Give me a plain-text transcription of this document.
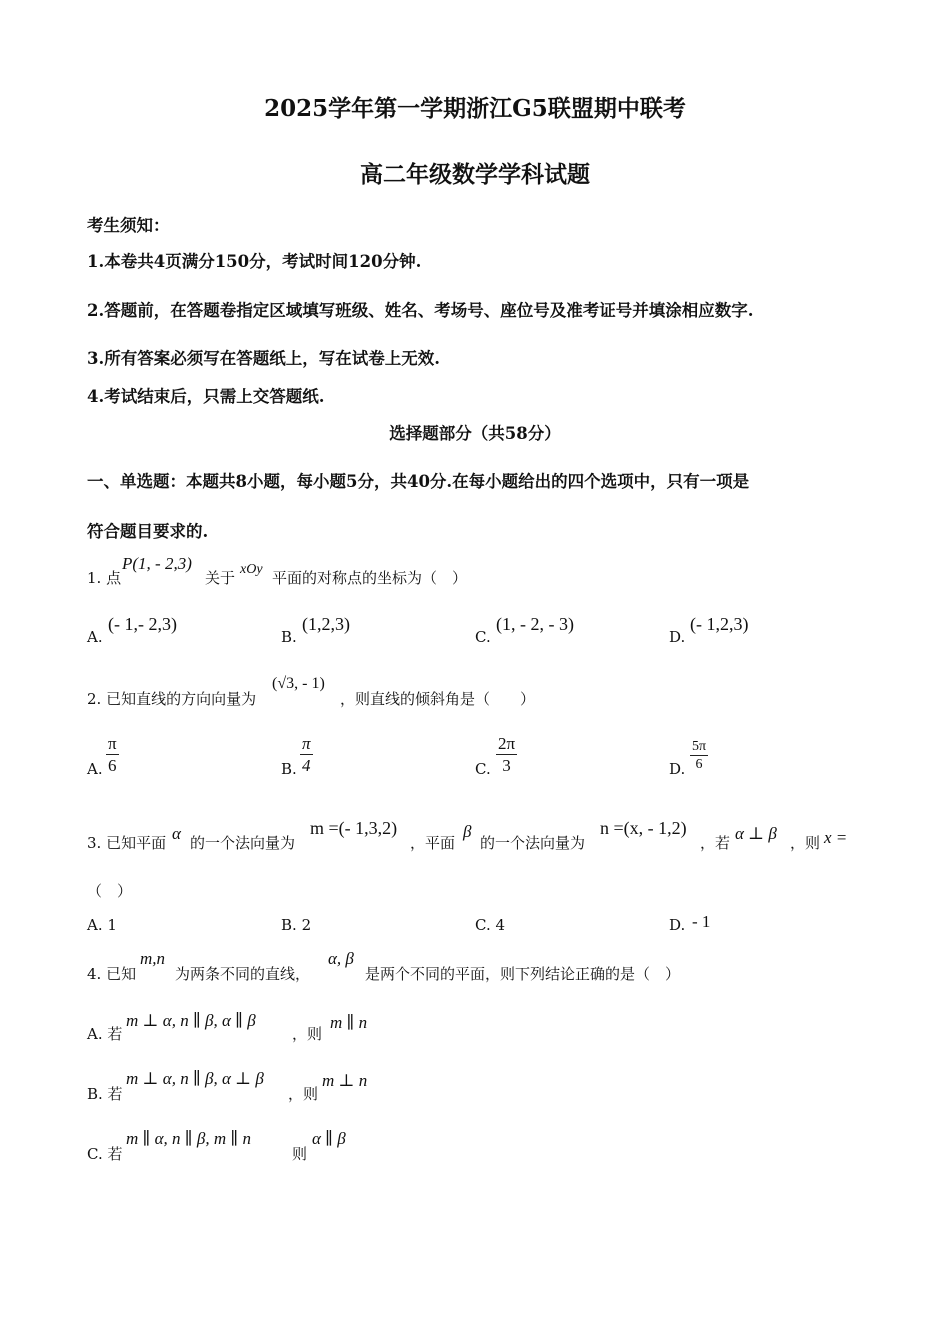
2025学年第一学期浙江G5联盟期中联考
高二年级数学学科试题
考生须知：
1.本卷共4页满分150分，考试时间120分钟.
2.答题前，在答题卷指定区域填写班级、姓名、考场号、座位号及准考证号并填涂相应数字.
3.所有答案必须写在答题纸上，写在试卷上无效.
4.考试结束后，只需上交答题纸.
选择题部分（共58分）
一、单选题：本题共8小题，每小题5分，共40分.在每小题给出的四个选项中，只有一项是
符合题目要求的.
1. 点
P(1, - 2,3)
关于 xOy 平面的对称点的坐标为（　）
A.
(- 1,- 2,3)
B.
(1,2,3)
C.
(1, - 2, - 3)
D.
(- 1,2,3)
2. 已知直线的方向向量为
(√3, - 1)
，则直线的倾斜角是（　　）
A. $\frac{\pi}{6}$	B. $\frac{\pi}{4}$	C. $\frac{2\pi}{3}$	D. $\frac{5\pi}{6}$
3. 已知平面 α 的一个法向量为
m =(- 1,3,2)
，平面
β
的一个法向量为
n =(x, - 1,2)
，若 α ⊥ β ，则 x =
（　）
A. 1	B. 2	C. 4	D. - 1
4. 已知
m,n
为两条不同的直线，
α, β
是两个不同的平面，则下列结论正确的是（　）
A. 若
m ⊥ α, n ∥ β, α ∥ β
，则
m ∥ n
B. 若
m ⊥ α, n ∥ β, α ⊥ β
，则
m ⊥ n
C. 若
m ∥ α, n ∥ β, m ∥ n
则
α ∥ β
